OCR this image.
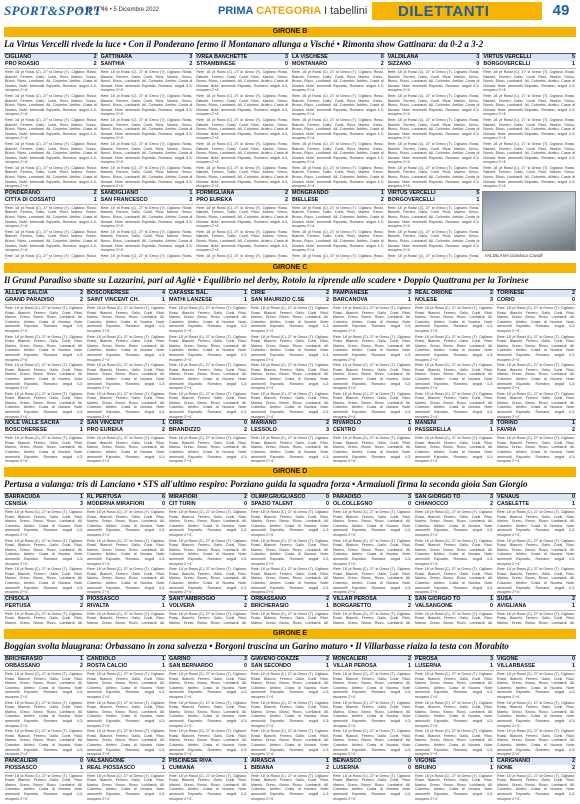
SPORT&SPORT
A. 66 N. 46 • 5 Dicembre 2022	PRIMA CATEGORIA I tabellini DILETTANTI	49
GIRONE B
La Virtus Vercelli rivede la luce • Con il Ponderano fermo il Montanaro allunga a Visché • Rimonta show Gattinara: da 0-2 a 3-2
CIGLIANO	2
PRO ROASIO	2
Rete: 18' pt Rossi (C), 27' st Greco (T). Cigliano: Rossi, Bianchi, Ferrero, Gallo, Conti, Ricci, Marino, Greco, Bruno, Rizzo, Lombardi. All. Colombo. Arbitro: Costa di Novara. Note: ammoniti Esposito, Romano; angoli 4-3; recupero 2'+4'.
Rete: 18' pt Rossi (C), 27' st Greco (T). Cigliano: Rossi, Bianchi, Ferrero, Gallo, Conti, Ricci, Marino, Greco, Bruno, Rizzo, Lombardi. All. Colombo. Arbitro: Costa di Novara. Note: ammoniti Esposito, Romano; angoli 4-3; recupero 2'+4'.
Rete: 18' pt Rossi (C), 27' st Greco (T). Cigliano: Rossi, Bianchi, Ferrero, Gallo, Conti, Ricci, Marino, Greco, Bruno, Rizzo, Lombardi. All. Colombo. Arbitro: Costa di Novara. Note: ammoniti Esposito, Romano; angoli 4-3; recupero 2'+4'.
Rete: 18' pt Rossi (C), 27' st Greco (T). Cigliano: Rossi, Bianchi, Ferrero, Gallo, Conti, Ricci, Marino, Greco, Bruno, Rizzo, Lombardi. All. Colombo. Arbitro: Costa di Novara. Note: ammoniti Esposito, Romano; angoli 4-3; recupero 2'+4'.
Rete: 18' pt Rossi (C), 27' st Greco (T). Cigliano: Rossi, Bianchi, Ferrero, Gallo, Conti, Ricci, Marino, Greco, Bruno, Rizzo, Lombardi. All. Colombo. Arbitro: Costa di Novara. Note: ammoniti Esposito, Romano; angoli 4-3; recupero 2'+4'.
PONDERANO	2
CITTÀ DI COSSATO	1
Rete: 18' pt Rossi (C), 27' st Greco (T). Cigliano: Rossi, Bianchi, Ferrero, Gallo, Conti, Ricci, Marino, Greco, Bruno, Rizzo, Lombardi. All. Colombo. Arbitro: Costa di Novara. Note: ammoniti Esposito, Romano; angoli 4-3; recupero 2'+4'.
Rete: 18' pt Rossi (C), 27' st Greco (T). Cigliano: Rossi, Bianchi, Ferrero, Gallo, Conti, Ricci, Marino, Greco, Bruno, Rizzo, Lombardi. All. Colombo. Arbitro: Costa di Novara. Note: ammoniti Esposito, Romano; angoli 4-3; recupero 2'+4'.
Rete: 18' pt Rossi (C), 27' st Greco (T). Cigliano: Rossi,
GATTINARA	3
SANTHIÀ	2
Rete: 18' pt Rossi (C), 27' st Greco (T). Cigliano: Rossi, Bianchi, Ferrero, Gallo, Conti, Ricci, Marino, Greco, Bruno, Rizzo, Lombardi. All. Colombo. Arbitro: Costa di Novara. Note: ammoniti Esposito, Romano; angoli 4-3; recupero 2'+4'.
Rete: 18' pt Rossi (C), 27' st Greco (T). Cigliano: Rossi, Bianchi, Ferrero, Gallo, Conti, Ricci, Marino, Greco, Bruno, Rizzo, Lombardi. All. Colombo. Arbitro: Costa di Novara. Note: ammoniti Esposito, Romano; angoli 4-3; recupero 2'+4'.
Rete: 18' pt Rossi (C), 27' st Greco (T). Cigliano: Rossi, Bianchi, Ferrero, Gallo, Conti, Ricci, Marino, Greco, Bruno, Rizzo, Lombardi. All. Colombo. Arbitro: Costa di Novara. Note: ammoniti Esposito, Romano; angoli 4-3; recupero 2'+4'.
Rete: 18' pt Rossi (C), 27' st Greco (T). Cigliano: Rossi, Bianchi, Ferrero, Gallo, Conti, Ricci, Marino, Greco, Bruno, Rizzo, Lombardi. All. Colombo. Arbitro: Costa di Novara. Note: ammoniti Esposito, Romano; angoli 4-3; recupero 2'+4'.
Rete: 18' pt Rossi (C), 27' st Greco (T). Cigliano: Rossi, Bianchi, Ferrero, Gallo, Conti, Ricci, Marino, Greco, Bruno, Rizzo, Lombardi. All. Colombo. Arbitro: Costa di Novara. Note: ammoniti Esposito, Romano; angoli 4-3; recupero 2'+4'.
SANDIGLIANO	1
SAN FRANCESCO	2
Rete: 18' pt Rossi (C), 27' st Greco (T). Cigliano: Rossi, Bianchi, Ferrero, Gallo, Conti, Ricci, Marino, Greco, Bruno, Rizzo, Lombardi. All. Colombo. Arbitro: Costa di Novara. Note: ammoniti Esposito, Romano; angoli 4-3; recupero 2'+4'.
Rete: 18' pt Rossi (C), 27' st Greco (T). Cigliano: Rossi, Bianchi, Ferrero, Gallo, Conti, Ricci, Marino, Greco, Bruno, Rizzo, Lombardi. All. Colombo. Arbitro: Costa di Novara. Note: ammoniti Esposito, Romano; angoli 4-3; recupero 2'+4'.
Rete: 18' pt Rossi (C), 27' st Greco (T). Cigliano: Rossi,
IVREA BANCHETTE	3
STRAMBINESE	0
Rete: 18' pt Rossi (C), 27' st Greco (T). Cigliano: Rossi, Bianchi, Ferrero, Gallo, Conti, Ricci, Marino, Greco, Bruno, Rizzo, Lombardi. All. Colombo. Arbitro: Costa di Novara. Note: ammoniti Esposito, Romano; angoli 4-3; recupero 2'+4'.
Rete: 18' pt Rossi (C), 27' st Greco (T). Cigliano: Rossi, Bianchi, Ferrero, Gallo, Conti, Ricci, Marino, Greco, Bruno, Rizzo, Lombardi. All. Colombo. Arbitro: Costa di Novara. Note: ammoniti Esposito, Romano; angoli 4-3; recupero 2'+4'.
Rete: 18' pt Rossi (C), 27' st Greco (T). Cigliano: Rossi, Bianchi, Ferrero, Gallo, Conti, Ricci, Marino, Greco, Bruno, Rizzo, Lombardi. All. Colombo. Arbitro: Costa di Novara. Note: ammoniti Esposito, Romano; angoli 4-3; recupero 2'+4'.
Rete: 18' pt Rossi (C), 27' st Greco (T). Cigliano: Rossi, Bianchi, Ferrero, Gallo, Conti, Ricci, Marino, Greco, Bruno, Rizzo, Lombardi. All. Colombo. Arbitro: Costa di Novara. Note: ammoniti Esposito, Romano; angoli 4-3; recupero 2'+4'.
Rete: 18' pt Rossi (C), 27' st Greco (T). Cigliano: Rossi, Bianchi, Ferrero, Gallo, Conti, Ricci, Marino, Greco, Bruno, Rizzo, Lombardi. All. Colombo. Arbitro: Costa di Novara. Note: ammoniti Esposito, Romano; angoli 4-3; recupero 2'+4'.
FORMIGLIANA	2
PRO EUREKA	2
Rete: 18' pt Rossi (C), 27' st Greco (T). Cigliano: Rossi, Bianchi, Ferrero, Gallo, Conti, Ricci, Marino, Greco, Bruno, Rizzo, Lombardi. All. Colombo. Arbitro: Costa di Novara. Note: ammoniti Esposito, Romano; angoli 4-3; recupero 2'+4'.
Rete: 18' pt Rossi (C), 27' st Greco (T). Cigliano: Rossi, Bianchi, Ferrero, Gallo, Conti, Ricci, Marino, Greco, Bruno, Rizzo, Lombardi. All. Colombo. Arbitro: Costa di Novara. Note: ammoniti Esposito, Romano; angoli 4-3; recupero 2'+4'.
Rete: 18' pt Rossi (C), 27' st Greco (T). Cigliano: Rossi,
LA VISCHESE	0
MONTANARO	2
Rete: 18' pt Rossi (C), 27' st Greco (T). Cigliano: Rossi, Bianchi, Ferrero, Gallo, Conti, Ricci, Marino, Greco, Bruno, Rizzo, Lombardi. All. Colombo. Arbitro: Costa di Novara. Note: ammoniti Esposito, Romano; angoli 4-3; recupero 2'+4'.
Rete: 18' pt Rossi (C), 27' st Greco (T). Cigliano: Rossi, Bianchi, Ferrero, Gallo, Conti, Ricci, Marino, Greco, Bruno, Rizzo, Lombardi. All. Colombo. Arbitro: Costa di Novara. Note: ammoniti Esposito, Romano; angoli 4-3; recupero 2'+4'.
Rete: 18' pt Rossi (C), 27' st Greco (T). Cigliano: Rossi, Bianchi, Ferrero, Gallo, Conti, Ricci, Marino, Greco, Bruno, Rizzo, Lombardi. All. Colombo. Arbitro: Costa di Novara. Note: ammoniti Esposito, Romano; angoli 4-3; recupero 2'+4'.
Rete: 18' pt Rossi (C), 27' st Greco (T). Cigliano: Rossi, Bianchi, Ferrero, Gallo, Conti, Ricci, Marino, Greco, Bruno, Rizzo, Lombardi. All. Colombo. Arbitro: Costa di Novara. Note: ammoniti Esposito, Romano; angoli 4-3; recupero 2'+4'.
Rete: 18' pt Rossi (C), 27' st Greco (T). Cigliano: Rossi, Bianchi, Ferrero, Gallo, Conti, Ricci, Marino, Greco, Bruno, Rizzo, Lombardi. All. Colombo. Arbitro: Costa di Novara. Note: ammoniti Esposito, Romano; angoli 4-3; recupero 2'+4'.
MONGRANDO	1
BIELLESE	2
Rete: 18' pt Rossi (C), 27' st Greco (T). Cigliano: Rossi, Bianchi, Ferrero, Gallo, Conti, Ricci, Marino, Greco, Bruno, Rizzo, Lombardi. All. Colombo. Arbitro: Costa di Novara. Note: ammoniti Esposito, Romano; angoli 4-3; recupero 2'+4'.
Rete: 18' pt Rossi (C), 27' st Greco (T). Cigliano: Rossi, Bianchi, Ferrero, Gallo, Conti, Ricci, Marino, Greco, Bruno, Rizzo, Lombardi. All. Colombo. Arbitro: Costa di Novara. Note: ammoniti Esposito, Romano; angoli 4-3; recupero 2'+4'.
Rete: 18' pt Rossi (C), 27' st Greco (T). Cigliano: Rossi,
VALDILANA	3
SIZZANO	0
Rete: 18' pt Rossi (C), 27' st Greco (T). Cigliano: Rossi, Bianchi, Ferrero, Gallo, Conti, Ricci, Marino, Greco, Bruno, Rizzo, Lombardi. All. Colombo. Arbitro: Costa di Novara. Note: ammoniti Esposito, Romano; angoli 4-3; recupero 2'+4'.
Rete: 18' pt Rossi (C), 27' st Greco (T). Cigliano: Rossi, Bianchi, Ferrero, Gallo, Conti, Ricci, Marino, Greco, Bruno, Rizzo, Lombardi. All. Colombo. Arbitro: Costa di Novara. Note: ammoniti Esposito, Romano; angoli 4-3; recupero 2'+4'.
Rete: 18' pt Rossi (C), 27' st Greco (T). Cigliano: Rossi, Bianchi, Ferrero, Gallo, Conti, Ricci, Marino, Greco, Bruno, Rizzo, Lombardi. All. Colombo. Arbitro: Costa di Novara. Note: ammoniti Esposito, Romano; angoli 4-3; recupero 2'+4'.
Rete: 18' pt Rossi (C), 27' st Greco (T). Cigliano: Rossi, Bianchi, Ferrero, Gallo, Conti, Ricci, Marino, Greco, Bruno, Rizzo, Lombardi. All. Colombo. Arbitro: Costa di Novara. Note: ammoniti Esposito, Romano; angoli 4-3; recupero 2'+4'.
Rete: 18' pt Rossi (C), 27' st Greco (T). Cigliano: Rossi, Bianchi, Ferrero, Gallo, Conti, Ricci, Marino, Greco, Bruno, Rizzo, Lombardi. All. Colombo. Arbitro: Costa di Novara. Note: ammoniti Esposito, Romano; angoli 4-3; recupero 2'+4'.
VIRTUS VERCELLI	5
BORGOVERCELLI	1
Rete: 18' pt Rossi (C), 27' st Greco (T). Cigliano: Rossi, Bianchi, Ferrero, Gallo, Conti, Ricci, Marino, Greco, Bruno, Rizzo, Lombardi. All. Colombo. Arbitro: Costa di Novara. Note: ammoniti Esposito, Romano; angoli 4-3; recupero 2'+4'.
Rete: 18' pt Rossi (C), 27' st Greco (T). Cigliano: Rossi, Bianchi, Ferrero, Gallo, Conti, Ricci, Marino, Greco, Bruno, Rizzo, Lombardi. All. Colombo. Arbitro: Costa di Novara. Note: ammoniti Esposito, Romano; angoli 4-3; recupero 2'+4'.
Rete: 18' pt Rossi (C), 27' st Greco (T). Cigliano: Rossi,
VIRTUS VERCELLI	5
BORGOVERCELLI	1
Rete: 18' pt Rossi (C), 27' st Greco (T). Cigliano: Rossi, Bianchi, Ferrero, Gallo, Conti, Ricci, Marino, Greco, Bruno, Rizzo, Lombardi. All. Colombo. Arbitro: Costa di Novara. Note: ammoniti Esposito, Romano; angoli 4-3; recupero 2'+4'.
Rete: 18' pt Rossi (C), 27' st Greco (T). Cigliano: Rossi, Bianchi, Ferrero, Gallo, Conti, Ricci, Marino, Greco, Bruno, Rizzo, Lombardi. All. Colombo. Arbitro: Costa di Novara. Note: ammoniti Esposito, Romano; angoli 4-3; recupero 2'+4'.
Rete: 18' pt Rossi (C), 27' st Greco (T). Cigliano: Rossi, Bianchi, Ferrero, Gallo, Conti, Ricci, Marino, Greco, Bruno, Rizzo, Lombardi. All. Colombo. Arbitro: Costa di Novara. Note: ammoniti Esposito, Romano; angoli 4-3; recupero 2'+4'.
Rete: 18' pt Rossi (C), 27' st Greco (T). Cigliano: Rossi, Bianchi, Ferrero, Gallo, Conti, Ricci, Marino, Greco, Bruno, Rizzo, Lombardi. All. Colombo. Arbitro: Costa di Novara. Note: ammoniti Esposito, Romano; angoli 4-3; recupero 2'+4'.
Rete: 18' pt Rossi (C), 27' st Greco (T). Cigliano: Rossi, Bianchi, Ferrero, Gallo, Conti, Ricci, Marino, Greco, Bruno, Rizzo, Lombardi. All. Colombo. Arbitro: Costa di Novara. Note: ammoniti Esposito, Romano; angoli 4-3; recupero 2'+4'.
VALDILANA Gianluca Cavalli
GIRONE C
Il Grand Paradiso sbatte su Lazzarini, pari ad Agliè • Equilibrio nel derby, Rotolo la riprende allo scadere • Doppio Quattrana per la Torinese
ALLEVE SALCIA	2
GRAND PARADISO	2
Rete: 18' pt Rossi (C), 27' st Greco (T). Cigliano: Rossi, Bianchi, Ferrero, Gallo, Conti, Ricci, Marino, Greco, Bruno, Rizzo, Lombardi. All. Colombo. Arbitro: Costa di Novara. Note: ammoniti Esposito, Romano; angoli 4-3; recupero 2'+4'.
Rete: 18' pt Rossi (C), 27' st Greco (T). Cigliano: Rossi, Bianchi, Ferrero, Gallo, Conti, Ricci, Marino, Greco, Bruno, Rizzo, Lombardi. All. Colombo. Arbitro: Costa di Novara. Note: ammoniti Esposito, Romano; angoli 4-3; recupero 2'+4'.
Rete: 18' pt Rossi (C), 27' st Greco (T). Cigliano: Rossi, Bianchi, Ferrero, Gallo, Conti, Ricci, Marino, Greco, Bruno, Rizzo, Lombardi. All. Colombo. Arbitro: Costa di Novara. Note: ammoniti Esposito, Romano; angoli 4-3; recupero 2'+4'.
Rete: 18' pt Rossi (C), 27' st Greco (T). Cigliano: Rossi, Bianchi, Ferrero, Gallo, Conti, Ricci, Marino, Greco, Bruno, Rizzo, Lombardi. All. Colombo. Arbitro: Costa di Novara. Note: ammoniti Esposito, Romano; angoli 4-3; recupero 2'+4'.
NOLE VALLE SACRA	2
BOSCONERESE	1
Rete: 18' pt Rossi (C), 27' st Greco (T). Cigliano: Rossi, Bianchi, Ferrero, Gallo, Conti, Ricci, Marino, Greco, Bruno, Rizzo, Lombardi. All. Colombo. Arbitro: Costa di Novara. Note: ammoniti Esposito, Romano; angoli 4-3; recupero 2'+4'.
BOSCONERESE	4
SAINT VINCENT CH.	1
Rete: 18' pt Rossi (C), 27' st Greco (T). Cigliano: Rossi, Bianchi, Ferrero, Gallo, Conti, Ricci, Marino, Greco, Bruno, Rizzo, Lombardi. All. Colombo. Arbitro: Costa di Novara. Note: ammoniti Esposito, Romano; angoli 4-3; recupero 2'+4'.
Rete: 18' pt Rossi (C), 27' st Greco (T). Cigliano: Rossi, Bianchi, Ferrero, Gallo, Conti, Ricci, Marino, Greco, Bruno, Rizzo, Lombardi. All. Colombo. Arbitro: Costa di Novara. Note: ammoniti Esposito, Romano; angoli 4-3; recupero 2'+4'.
Rete: 18' pt Rossi (C), 27' st Greco (T). Cigliano: Rossi, Bianchi, Ferrero, Gallo, Conti, Ricci, Marino, Greco, Bruno, Rizzo, Lombardi. All. Colombo. Arbitro: Costa di Novara. Note: ammoniti Esposito, Romano; angoli 4-3; recupero 2'+4'.
Rete: 18' pt Rossi (C), 27' st Greco (T). Cigliano: Rossi, Bianchi, Ferrero, Gallo, Conti, Ricci, Marino, Greco, Bruno, Rizzo, Lombardi. All. Colombo. Arbitro: Costa di Novara. Note: ammoniti Esposito, Romano; angoli 4-3; recupero 2'+4'.
SAN VINCENT	1
PRO EUREKA	2
Rete: 18' pt Rossi (C), 27' st Greco (T). Cigliano: Rossi, Bianchi, Ferrero, Gallo, Conti, Ricci, Marino, Greco, Bruno, Rizzo, Lombardi. All. Colombo. Arbitro: Costa di Novara. Note: ammoniti Esposito, Romano; angoli 4-3; recupero 2'+4'.
CAFASSE BAL.	1
MATHI LANZESE	1
Rete: 18' pt Rossi (C), 27' st Greco (T). Cigliano: Rossi, Bianchi, Ferrero, Gallo, Conti, Ricci, Marino, Greco, Bruno, Rizzo, Lombardi. All. Colombo. Arbitro: Costa di Novara. Note: ammoniti Esposito, Romano; angoli 4-3; recupero 2'+4'.
Rete: 18' pt Rossi (C), 27' st Greco (T). Cigliano: Rossi, Bianchi, Ferrero, Gallo, Conti, Ricci, Marino, Greco, Bruno, Rizzo, Lombardi. All. Colombo. Arbitro: Costa di Novara. Note: ammoniti Esposito, Romano; angoli 4-3; recupero 2'+4'.
Rete: 18' pt Rossi (C), 27' st Greco (T). Cigliano: Rossi, Bianchi, Ferrero, Gallo, Conti, Ricci, Marino, Greco, Bruno, Rizzo, Lombardi. All. Colombo. Arbitro: Costa di Novara. Note: ammoniti Esposito, Romano; angoli 4-3; recupero 2'+4'.
Rete: 18' pt Rossi (C), 27' st Greco (T). Cigliano: Rossi, Bianchi, Ferrero, Gallo, Conti, Ricci, Marino, Greco, Bruno, Rizzo, Lombardi. All. Colombo. Arbitro: Costa di Novara. Note: ammoniti Esposito, Romano; angoli 4-3; recupero 2'+4'.
CIRIÈ	0
BRANDIZZO	2
Rete: 18' pt Rossi (C), 27' st Greco (T). Cigliano: Rossi, Bianchi, Ferrero, Gallo, Conti, Ricci, Marino, Greco, Bruno, Rizzo, Lombardi. All. Colombo. Arbitro: Costa di Novara. Note: ammoniti Esposito, Romano; angoli 4-3; recupero 2'+4'.
CIRIÈ	2
SAN MAURIZIO C.SE	2
Rete: 18' pt Rossi (C), 27' st Greco (T). Cigliano: Rossi, Bianchi, Ferrero, Gallo, Conti, Ricci, Marino, Greco, Bruno, Rizzo, Lombardi. All. Colombo. Arbitro: Costa di Novara. Note: ammoniti Esposito, Romano; angoli 4-3; recupero 2'+4'.
Rete: 18' pt Rossi (C), 27' st Greco (T). Cigliano: Rossi, Bianchi, Ferrero, Gallo, Conti, Ricci, Marino, Greco, Bruno, Rizzo, Lombardi. All. Colombo. Arbitro: Costa di Novara. Note: ammoniti Esposito, Romano; angoli 4-3; recupero 2'+4'.
Rete: 18' pt Rossi (C), 27' st Greco (T). Cigliano: Rossi, Bianchi, Ferrero, Gallo, Conti, Ricci, Marino, Greco, Bruno, Rizzo, Lombardi. All. Colombo. Arbitro: Costa di Novara. Note: ammoniti Esposito, Romano; angoli 4-3; recupero 2'+4'.
Rete: 18' pt Rossi (C), 27' st Greco (T). Cigliano: Rossi, Bianchi, Ferrero, Gallo, Conti, Ricci, Marino, Greco, Bruno, Rizzo, Lombardi. All. Colombo. Arbitro: Costa di Novara. Note: ammoniti Esposito, Romano; angoli 4-3; recupero 2'+4'.
MARIANO	2
LESSOLO	3
Rete: 18' pt Rossi (C), 27' st Greco (T). Cigliano: Rossi, Bianchi, Ferrero, Gallo, Conti, Ricci, Marino, Greco, Bruno, Rizzo, Lombardi. All. Colombo. Arbitro: Costa di Novara. Note: ammoniti Esposito, Romano; angoli 4-3; recupero 2'+4'.
PAMPIANESE	3
BARCANOVA	1
Rete: 18' pt Rossi (C), 27' st Greco (T). Cigliano: Rossi, Bianchi, Ferrero, Gallo, Conti, Ricci, Marino, Greco, Bruno, Rizzo, Lombardi. All. Colombo. Arbitro: Costa di Novara. Note: ammoniti Esposito, Romano; angoli 4-3; recupero 2'+4'.
Rete: 18' pt Rossi (C), 27' st Greco (T). Cigliano: Rossi, Bianchi, Ferrero, Gallo, Conti, Ricci, Marino, Greco, Bruno, Rizzo, Lombardi. All. Colombo. Arbitro: Costa di Novara. Note: ammoniti Esposito, Romano; angoli 4-3; recupero 2'+4'.
Rete: 18' pt Rossi (C), 27' st Greco (T). Cigliano: Rossi, Bianchi, Ferrero, Gallo, Conti, Ricci, Marino, Greco, Bruno, Rizzo, Lombardi. All. Colombo. Arbitro: Costa di Novara. Note: ammoniti Esposito, Romano; angoli 4-3; recupero 2'+4'.
Rete: 18' pt Rossi (C), 27' st Greco (T). Cigliano: Rossi, Bianchi, Ferrero, Gallo, Conti, Ricci, Marino, Greco, Bruno, Rizzo, Lombardi. All. Colombo. Arbitro: Costa di Novara. Note: ammoniti Esposito, Romano; angoli 4-3; recupero 2'+4'.
RIVAROLO	1
CENTRO	0
Rete: 18' pt Rossi (C), 27' st Greco (T). Cigliano: Rossi, Bianchi, Ferrero, Gallo, Conti, Ricci, Marino, Greco, Bruno, Rizzo, Lombardi. All. Colombo. Arbitro: Costa di Novara. Note: ammoniti Esposito, Romano; angoli 4-3; recupero 2'+4'.
REAL ORIONE	2
NOLESE	3
Rete: 18' pt Rossi (C), 27' st Greco (T). Cigliano: Rossi, Bianchi, Ferrero, Gallo, Conti, Ricci, Marino, Greco, Bruno, Rizzo, Lombardi. All. Colombo. Arbitro: Costa di Novara. Note: ammoniti Esposito, Romano; angoli 4-3; recupero 2'+4'.
Rete: 18' pt Rossi (C), 27' st Greco (T). Cigliano: Rossi, Bianchi, Ferrero, Gallo, Conti, Ricci, Marino, Greco, Bruno, Rizzo, Lombardi. All. Colombo. Arbitro: Costa di Novara. Note: ammoniti Esposito, Romano; angoli 4-3; recupero 2'+4'.
Rete: 18' pt Rossi (C), 27' st Greco (T). Cigliano: Rossi, Bianchi, Ferrero, Gallo, Conti, Ricci, Marino, Greco, Bruno, Rizzo, Lombardi. All. Colombo. Arbitro: Costa di Novara. Note: ammoniti Esposito, Romano; angoli 4-3; recupero 2'+4'.
Rete: 18' pt Rossi (C), 27' st Greco (T). Cigliano: Rossi, Bianchi, Ferrero, Gallo, Conti, Ricci, Marino, Greco, Bruno, Rizzo, Lombardi. All. Colombo. Arbitro: Costa di Novara. Note: ammoniti Esposito, Romano; angoli 4-3; recupero 2'+4'.
MANENI	3
PASSERELLA	1
Rete: 18' pt Rossi (C), 27' st Greco (T). Cigliano: Rossi, Bianchi, Ferrero, Gallo, Conti, Ricci, Marino, Greco, Bruno, Rizzo, Lombardi. All. Colombo. Arbitro: Costa di Novara. Note: ammoniti Esposito, Romano; angoli 4-3; recupero 2'+4'.
TORINESE	2
CORIO	0
Rete: 18' pt Rossi (C), 27' st Greco (T). Cigliano: Rossi, Bianchi, Ferrero, Gallo, Conti, Ricci, Marino, Greco, Bruno, Rizzo, Lombardi. All. Colombo. Arbitro: Costa di Novara. Note: ammoniti Esposito, Romano; angoli 4-3; recupero 2'+4'.
Rete: 18' pt Rossi (C), 27' st Greco (T). Cigliano: Rossi, Bianchi, Ferrero, Gallo, Conti, Ricci, Marino, Greco, Bruno, Rizzo, Lombardi. All. Colombo. Arbitro: Costa di Novara. Note: ammoniti Esposito, Romano; angoli 4-3; recupero 2'+4'.
Rete: 18' pt Rossi (C), 27' st Greco (T). Cigliano: Rossi, Bianchi, Ferrero, Gallo, Conti, Ricci, Marino, Greco, Bruno, Rizzo, Lombardi. All. Colombo. Arbitro: Costa di Novara. Note: ammoniti Esposito, Romano; angoli 4-3; recupero 2'+4'.
Rete: 18' pt Rossi (C), 27' st Greco (T). Cigliano: Rossi, Bianchi, Ferrero, Gallo, Conti, Ricci, Marino, Greco, Bruno, Rizzo, Lombardi. All. Colombo. Arbitro: Costa di Novara. Note: ammoniti Esposito, Romano; angoli 4-3; recupero 2'+4'.
TORINO	1
FAVRIA	2
Rete: 18' pt Rossi (C), 27' st Greco (T). Cigliano: Rossi, Bianchi, Ferrero, Gallo, Conti, Ricci, Marino, Greco, Bruno, Rizzo, Lombardi. All. Colombo. Arbitro: Costa di Novara. Note: ammoniti Esposito, Romano; angoli 4-3; recupero 2'+4'.
GIRONE D
Pertusa a valanga: tris di Lanciano • STS all'ultimo respiro: Porziano guida la squadra forza • Armaiuoli firma la seconda gioia San Giorgio
BARRACUDA	1
CENISIA	3
Rete: 18' pt Rossi (C), 27' st Greco (T). Cigliano: Rossi, Bianchi, Ferrero, Gallo, Conti, Ricci, Marino, Greco, Bruno, Rizzo, Lombardi. All. Colombo. Arbitro: Costa di Novara. Note: ammoniti Esposito, Romano; angoli 4-3; recupero 2'+4'.
Rete: 18' pt Rossi (C), 27' st Greco (T). Cigliano: Rossi, Bianchi, Ferrero, Gallo, Conti, Ricci, Marino, Greco, Bruno, Rizzo, Lombardi. All. Colombo. Arbitro: Costa di Novara. Note: ammoniti Esposito, Romano; angoli 4-3; recupero 2'+4'.
Rete: 18' pt Rossi (C), 27' st Greco (T). Cigliano: Rossi, Bianchi, Ferrero, Gallo, Conti, Ricci, Marino, Greco, Bruno, Rizzo, Lombardi. All. Colombo. Arbitro: Costa di Novara. Note: ammoniti Esposito, Romano; angoli 4-3; recupero 2'+4'.
CHISOLA	3
PERTUSA	2
Rete: 18' pt Rossi (C), 27' st Greco (T). Cigliano: Rossi, Bianchi, Ferrero, Gallo, Conti, Ricci, Marino, Greco, Bruno, Rizzo, Lombardi. All.
KL PERTUSA	6
MODERNA MIRAFIORI	0
Rete: 18' pt Rossi (C), 27' st Greco (T). Cigliano: Rossi, Bianchi, Ferrero, Gallo, Conti, Ricci, Marino, Greco, Bruno, Rizzo, Lombardi. All. Colombo. Arbitro: Costa di Novara. Note: ammoniti Esposito, Romano; angoli 4-3; recupero 2'+4'.
Rete: 18' pt Rossi (C), 27' st Greco (T). Cigliano: Rossi, Bianchi, Ferrero, Gallo, Conti, Ricci, Marino, Greco, Bruno, Rizzo, Lombardi. All. Colombo. Arbitro: Costa di Novara. Note: ammoniti Esposito, Romano; angoli 4-3; recupero 2'+4'.
Rete: 18' pt Rossi (C), 27' st Greco (T). Cigliano: Rossi, Bianchi, Ferrero, Gallo, Conti, Ricci, Marino, Greco, Bruno, Rizzo, Lombardi. All. Colombo. Arbitro: Costa di Novara. Note: ammoniti Esposito, Romano; angoli 4-3; recupero 2'+4'.
PIOSSASCO	2
RIVALTA	1
Rete: 18' pt Rossi (C), 27' st Greco (T). Cigliano: Rossi, Bianchi, Ferrero, Gallo, Conti, Ricci, Marino, Greco, Bruno, Rizzo, Lombardi. All.
MIRAFIORI	2
CIT TURIN	0
Rete: 18' pt Rossi (C), 27' st Greco (T). Cigliano: Rossi, Bianchi, Ferrero, Gallo, Conti, Ricci, Marino, Greco, Bruno, Rizzo, Lombardi. All. Colombo. Arbitro: Costa di Novara. Note: ammoniti Esposito, Romano; angoli 4-3; recupero 2'+4'.
Rete: 18' pt Rossi (C), 27' st Greco (T). Cigliano: Rossi, Bianchi, Ferrero, Gallo, Conti, Ricci, Marino, Greco, Bruno, Rizzo, Lombardi. All. Colombo. Arbitro: Costa di Novara. Note: ammoniti Esposito, Romano; angoli 4-3; recupero 2'+4'.
Rete: 18' pt Rossi (C), 27' st Greco (T). Cigliano: Rossi, Bianchi, Ferrero, Gallo, Conti, Ricci, Marino, Greco, Bruno, Rizzo, Lombardi. All. Colombo. Arbitro: Costa di Novara. Note: ammoniti Esposito, Romano; angoli 4-3; recupero 2'+4'.
SANT'AMBROGIO	1
VOLVERA	2
Rete: 18' pt Rossi (C), 27' st Greco (T). Cigliano: Rossi, Bianchi, Ferrero, Gallo, Conti, Ricci, Marino, Greco, Bruno, Rizzo, Lombardi. All.
OLIMP.GRUGLIASCO	0
SPAZIO TALENT	0
Rete: 18' pt Rossi (C), 27' st Greco (T). Cigliano: Rossi, Bianchi, Ferrero, Gallo, Conti, Ricci, Marino, Greco, Bruno, Rizzo, Lombardi. All. Colombo. Arbitro: Costa di Novara. Note: ammoniti Esposito, Romano; angoli 4-3; recupero 2'+4'.
Rete: 18' pt Rossi (C), 27' st Greco (T). Cigliano: Rossi, Bianchi, Ferrero, Gallo, Conti, Ricci, Marino, Greco, Bruno, Rizzo, Lombardi. All. Colombo. Arbitro: Costa di Novara. Note: ammoniti Esposito, Romano; angoli 4-3; recupero 2'+4'.
Rete: 18' pt Rossi (C), 27' st Greco (T). Cigliano: Rossi, Bianchi, Ferrero, Gallo, Conti, Ricci, Marino, Greco, Bruno, Rizzo, Lombardi. All. Colombo. Arbitro: Costa di Novara. Note: ammoniti Esposito, Romano; angoli 4-3; recupero 2'+4'.
ORBASSANO	2
BRICHERASIO	1
Rete: 18' pt Rossi (C), 27' st Greco (T). Cigliano: Rossi, Bianchi, Ferrero, Gallo, Conti, Ricci, Marino, Greco, Bruno, Rizzo, Lombardi. All.
PARADISO	3
OL.COLLEGNO	0
Rete: 18' pt Rossi (C), 27' st Greco (T). Cigliano: Rossi, Bianchi, Ferrero, Gallo, Conti, Ricci, Marino, Greco, Bruno, Rizzo, Lombardi. All. Colombo. Arbitro: Costa di Novara. Note: ammoniti Esposito, Romano; angoli 4-3; recupero 2'+4'.
Rete: 18' pt Rossi (C), 27' st Greco (T). Cigliano: Rossi, Bianchi, Ferrero, Gallo, Conti, Ricci, Marino, Greco, Bruno, Rizzo, Lombardi. All. Colombo. Arbitro: Costa di Novara. Note: ammoniti Esposito, Romano; angoli 4-3; recupero 2'+4'.
Rete: 18' pt Rossi (C), 27' st Greco (T). Cigliano: Rossi, Bianchi, Ferrero, Gallo, Conti, Ricci, Marino, Greco, Bruno, Rizzo, Lombardi. All. Colombo. Arbitro: Costa di Novara. Note: ammoniti Esposito, Romano; angoli 4-3; recupero 2'+4'.
VILLAR PEROSA	1
BORGARETTO	2
Rete: 18' pt Rossi (C), 27' st Greco (T). Cigliano: Rossi, Bianchi, Ferrero, Gallo, Conti, Ricci, Marino, Greco, Bruno, Rizzo, Lombardi. All.
SAN GIORGIO TO	3
CHIANOCCO	2
Rete: 18' pt Rossi (C), 27' st Greco (T). Cigliano: Rossi, Bianchi, Ferrero, Gallo, Conti, Ricci, Marino, Greco, Bruno, Rizzo, Lombardi. All. Colombo. Arbitro: Costa di Novara. Note: ammoniti Esposito, Romano; angoli 4-3; recupero 2'+4'.
Rete: 18' pt Rossi (C), 27' st Greco (T). Cigliano: Rossi, Bianchi, Ferrero, Gallo, Conti, Ricci, Marino, Greco, Bruno, Rizzo, Lombardi. All. Colombo. Arbitro: Costa di Novara. Note: ammoniti Esposito, Romano; angoli 4-3; recupero 2'+4'.
Rete: 18' pt Rossi (C), 27' st Greco (T). Cigliano: Rossi, Bianchi, Ferrero, Gallo, Conti, Ricci, Marino, Greco, Bruno, Rizzo, Lombardi. All. Colombo. Arbitro: Costa di Novara. Note: ammoniti Esposito, Romano; angoli 4-3; recupero 2'+4'.
SAN GIORGIO TO	1
VALSANGONE	0
Rete: 18' pt Rossi (C), 27' st Greco (T). Cigliano: Rossi, Bianchi, Ferrero, Gallo, Conti, Ricci, Marino, Greco, Bruno, Rizzo, Lombardi. All.
VENAUS	0
CASELETTE	1
Rete: 18' pt Rossi (C), 27' st Greco (T). Cigliano: Rossi, Bianchi, Ferrero, Gallo, Conti, Ricci, Marino, Greco, Bruno, Rizzo, Lombardi. All. Colombo. Arbitro: Costa di Novara. Note: ammoniti Esposito, Romano; angoli 4-3; recupero 2'+4'.
Rete: 18' pt Rossi (C), 27' st Greco (T). Cigliano: Rossi, Bianchi, Ferrero, Gallo, Conti, Ricci, Marino, Greco, Bruno, Rizzo, Lombardi. All. Colombo. Arbitro: Costa di Novara. Note: ammoniti Esposito, Romano; angoli 4-3; recupero 2'+4'.
Rete: 18' pt Rossi (C), 27' st Greco (T). Cigliano: Rossi, Bianchi, Ferrero, Gallo, Conti, Ricci, Marino, Greco, Bruno, Rizzo, Lombardi. All. Colombo. Arbitro: Costa di Novara. Note: ammoniti Esposito, Romano; angoli 4-3; recupero 2'+4'.
SUSA	2
AVIGLIANA	1
Rete: 18' pt Rossi (C), 27' st Greco (T). Cigliano: Rossi, Bianchi, Ferrero, Gallo, Conti, Ricci, Marino, Greco, Bruno, Rizzo, Lombardi. All.
GIRONE E
Boggian svolta blaugrana: Orbassano in zona salvezza • Borgoni trascina un Garino maturo • Il Villarbasse riaiza la testa con Morabito
BRICHERASIO	1
ORBASSANO	2
Rete: 18' pt Rossi (C), 27' st Greco (T). Cigliano: Rossi, Bianchi, Ferrero, Gallo, Conti, Ricci, Marino, Greco, Bruno, Rizzo, Lombardi. All. Colombo. Arbitro: Costa di Novara. Note: ammoniti Esposito, Romano; angoli 4-3; recupero 2'+4'.
Rete: 18' pt Rossi (C), 27' st Greco (T). Cigliano: Rossi, Bianchi, Ferrero, Gallo, Conti, Ricci, Marino, Greco, Bruno, Rizzo, Lombardi. All. Colombo. Arbitro: Costa di Novara. Note: ammoniti Esposito, Romano; angoli 4-3; recupero 2'+4'.
Rete: 18' pt Rossi (C), 27' st Greco (T). Cigliano: Rossi, Bianchi, Ferrero, Gallo, Conti, Ricci, Marino, Greco, Bruno, Rizzo, Lombardi. All. Colombo. Arbitro: Costa di Novara. Note: ammoniti Esposito, Romano; angoli 4-3; recupero 2'+4'.
PANCALIERI	0
PIOSSASCO	1
Rete: 18' pt Rossi (C), 27' st Greco (T). Cigliano: Rossi, Bianchi, Ferrero, Gallo, Conti, Ricci, Marino, Greco, Bruno, Rizzo, Lombardi. All. Colombo. Arbitro: Costa di Novara. Note: ammoniti Esposito, Romano; angoli 4-3; recupero 2'+4'.
CANDIOLO	1
ROSTA CALCIO	1
Rete: 18' pt Rossi (C), 27' st Greco (T). Cigliano: Rossi, Bianchi, Ferrero, Gallo, Conti, Ricci, Marino, Greco, Bruno, Rizzo, Lombardi. All. Colombo. Arbitro: Costa di Novara. Note: ammoniti Esposito, Romano; angoli 4-3; recupero 2'+4'.
Rete: 18' pt Rossi (C), 27' st Greco (T). Cigliano: Rossi, Bianchi, Ferrero, Gallo, Conti, Ricci, Marino, Greco, Bruno, Rizzo, Lombardi. All. Colombo. Arbitro: Costa di Novara. Note: ammoniti Esposito, Romano; angoli 4-3; recupero 2'+4'.
Rete: 18' pt Rossi (C), 27' st Greco (T). Cigliano: Rossi, Bianchi, Ferrero, Gallo, Conti, Ricci, Marino, Greco, Bruno, Rizzo, Lombardi. All. Colombo. Arbitro: Costa di Novara. Note: ammoniti Esposito, Romano; angoli 4-3; recupero 2'+4'.
VALSANGONE	2
REAL PIOSSASCO	1
Rete: 18' pt Rossi (C), 27' st Greco (T). Cigliano: Rossi, Bianchi, Ferrero, Gallo, Conti, Ricci, Marino, Greco, Bruno, Rizzo, Lombardi. All. Colombo. Arbitro: Costa di Novara. Note: ammoniti Esposito, Romano; angoli 4-3; recupero 2'+4'.
GARINO	3
SAN BERNARDO	0
Rete: 18' pt Rossi (C), 27' st Greco (T). Cigliano: Rossi, Bianchi, Ferrero, Gallo, Conti, Ricci, Marino, Greco, Bruno, Rizzo, Lombardi. All. Colombo. Arbitro: Costa di Novara. Note: ammoniti Esposito, Romano; angoli 4-3; recupero 2'+4'.
Rete: 18' pt Rossi (C), 27' st Greco (T). Cigliano: Rossi, Bianchi, Ferrero, Gallo, Conti, Ricci, Marino, Greco, Bruno, Rizzo, Lombardi. All. Colombo. Arbitro: Costa di Novara. Note: ammoniti Esposito, Romano; angoli 4-3; recupero 2'+4'.
Rete: 18' pt Rossi (C), 27' st Greco (T). Cigliano: Rossi, Bianchi, Ferrero, Gallo, Conti, Ricci, Marino, Greco, Bruno, Rizzo, Lombardi. All. Colombo. Arbitro: Costa di Novara. Note: ammoniti Esposito, Romano; angoli 4-3; recupero 2'+4'.
PISCINESE RIVA	1
CUMIANA	1
Rete: 18' pt Rossi (C), 27' st Greco (T). Cigliano: Rossi, Bianchi, Ferrero, Gallo, Conti, Ricci, Marino, Greco, Bruno, Rizzo, Lombardi. All. Colombo. Arbitro: Costa di Novara. Note: ammoniti Esposito, Romano; angoli 4-3; recupero 2'+4'.
GIAVENO COAZZE	2
SAN SECONDO	1
Rete: 18' pt Rossi (C), 27' st Greco (T). Cigliano: Rossi, Bianchi, Ferrero, Gallo, Conti, Ricci, Marino, Greco, Bruno, Rizzo, Lombardi. All. Colombo. Arbitro: Costa di Novara. Note: ammoniti Esposito, Romano; angoli 4-3; recupero 2'+4'.
Rete: 18' pt Rossi (C), 27' st Greco (T). Cigliano: Rossi, Bianchi, Ferrero, Gallo, Conti, Ricci, Marino, Greco, Bruno, Rizzo, Lombardi. All. Colombo. Arbitro: Costa di Novara. Note: ammoniti Esposito, Romano; angoli 4-3; recupero 2'+4'.
Rete: 18' pt Rossi (C), 27' st Greco (T). Cigliano: Rossi, Bianchi, Ferrero, Gallo, Conti, Ricci, Marino, Greco, Bruno, Rizzo, Lombardi. All. Colombo. Arbitro: Costa di Novara. Note: ammoniti Esposito, Romano; angoli 4-3; recupero 2'+4'.
AIRASCA	1
BIBIANA	2
Rete: 18' pt Rossi (C), 27' st Greco (T). Cigliano: Rossi, Bianchi, Ferrero, Gallo, Conti, Ricci, Marino, Greco, Bruno, Rizzo, Lombardi. All. Colombo. Arbitro: Costa di Novara. Note: ammoniti Esposito, Romano; angoli 4-3; recupero 2'+4'.
MONCALIERI	2
VILLAR PEROSA	1
Rete: 18' pt Rossi (C), 27' st Greco (T). Cigliano: Rossi, Bianchi, Ferrero, Gallo, Conti, Ricci, Marino, Greco, Bruno, Rizzo, Lombardi. All. Colombo. Arbitro: Costa di Novara. Note: ammoniti Esposito, Romano; angoli 4-3; recupero 2'+4'.
Rete: 18' pt Rossi (C), 27' st Greco (T). Cigliano: Rossi, Bianchi, Ferrero, Gallo, Conti, Ricci, Marino, Greco, Bruno, Rizzo, Lombardi. All. Colombo. Arbitro: Costa di Novara. Note: ammoniti Esposito, Romano; angoli 4-3; recupero 2'+4'.
Rete: 18' pt Rossi (C), 27' st Greco (T). Cigliano: Rossi, Bianchi, Ferrero, Gallo, Conti, Ricci, Marino, Greco, Bruno, Rizzo, Lombardi. All. Colombo. Arbitro: Costa di Novara. Note: ammoniti Esposito, Romano; angoli 4-3; recupero 2'+4'.
BEINASCO	0
LUSERNA	0
Rete: 18' pt Rossi (C), 27' st Greco (T). Cigliano: Rossi, Bianchi, Ferrero, Gallo, Conti, Ricci, Marino, Greco, Bruno, Rizzo, Lombardi. All. Colombo. Arbitro: Costa di Novara. Note: ammoniti Esposito, Romano; angoli 4-3; recupero 2'+4'.
PEROSA	3
LUSERNA	1
Rete: 18' pt Rossi (C), 27' st Greco (T). Cigliano: Rossi, Bianchi, Ferrero, Gallo, Conti, Ricci, Marino, Greco, Bruno, Rizzo, Lombardi. All. Colombo. Arbitro: Costa di Novara. Note: ammoniti Esposito, Romano; angoli 4-3; recupero 2'+4'.
Rete: 18' pt Rossi (C), 27' st Greco (T). Cigliano: Rossi, Bianchi, Ferrero, Gallo, Conti, Ricci, Marino, Greco, Bruno, Rizzo, Lombardi. All. Colombo. Arbitro: Costa di Novara. Note: ammoniti Esposito, Romano; angoli 4-3; recupero 2'+4'.
Rete: 18' pt Rossi (C), 27' st Greco (T). Cigliano: Rossi, Bianchi, Ferrero, Gallo, Conti, Ricci, Marino, Greco, Bruno, Rizzo, Lombardi. All. Colombo. Arbitro: Costa di Novara. Note: ammoniti Esposito, Romano; angoli 4-3; recupero 2'+4'.
VIGONE	1
BRUINO	1
Rete: 18' pt Rossi (C), 27' st Greco (T). Cigliano: Rossi, Bianchi, Ferrero, Gallo, Conti, Ricci, Marino, Greco, Bruno, Rizzo, Lombardi. All. Colombo. Arbitro: Costa di Novara. Note: ammoniti Esposito, Romano; angoli 4-3; recupero 2'+4'.
VIGONE	0
VILLARBASSE	1
Rete: 18' pt Rossi (C), 27' st Greco (T). Cigliano: Rossi, Bianchi, Ferrero, Gallo, Conti, Ricci, Marino, Greco, Bruno, Rizzo, Lombardi. All. Colombo. Arbitro: Costa di Novara. Note: ammoniti Esposito, Romano; angoli 4-3; recupero 2'+4'.
Rete: 18' pt Rossi (C), 27' st Greco (T). Cigliano: Rossi, Bianchi, Ferrero, Gallo, Conti, Ricci, Marino, Greco, Bruno, Rizzo, Lombardi. All. Colombo. Arbitro: Costa di Novara. Note: ammoniti Esposito, Romano; angoli 4-3; recupero 2'+4'.
Rete: 18' pt Rossi (C), 27' st Greco (T). Cigliano: Rossi, Bianchi, Ferrero, Gallo, Conti, Ricci, Marino, Greco, Bruno, Rizzo, Lombardi. All. Colombo. Arbitro: Costa di Novara. Note: ammoniti Esposito, Romano; angoli 4-3; recupero 2'+4'.
CARIGNANO	2
NONE	2
Rete: 18' pt Rossi (C), 27' st Greco (T). Cigliano: Rossi, Bianchi, Ferrero, Gallo, Conti, Ricci, Marino, Greco, Bruno, Rizzo, Lombardi. All. Colombo. Arbitro: Costa di Novara. Note: ammoniti Esposito, Romano; angoli 4-3; recupero 2'+4'.
